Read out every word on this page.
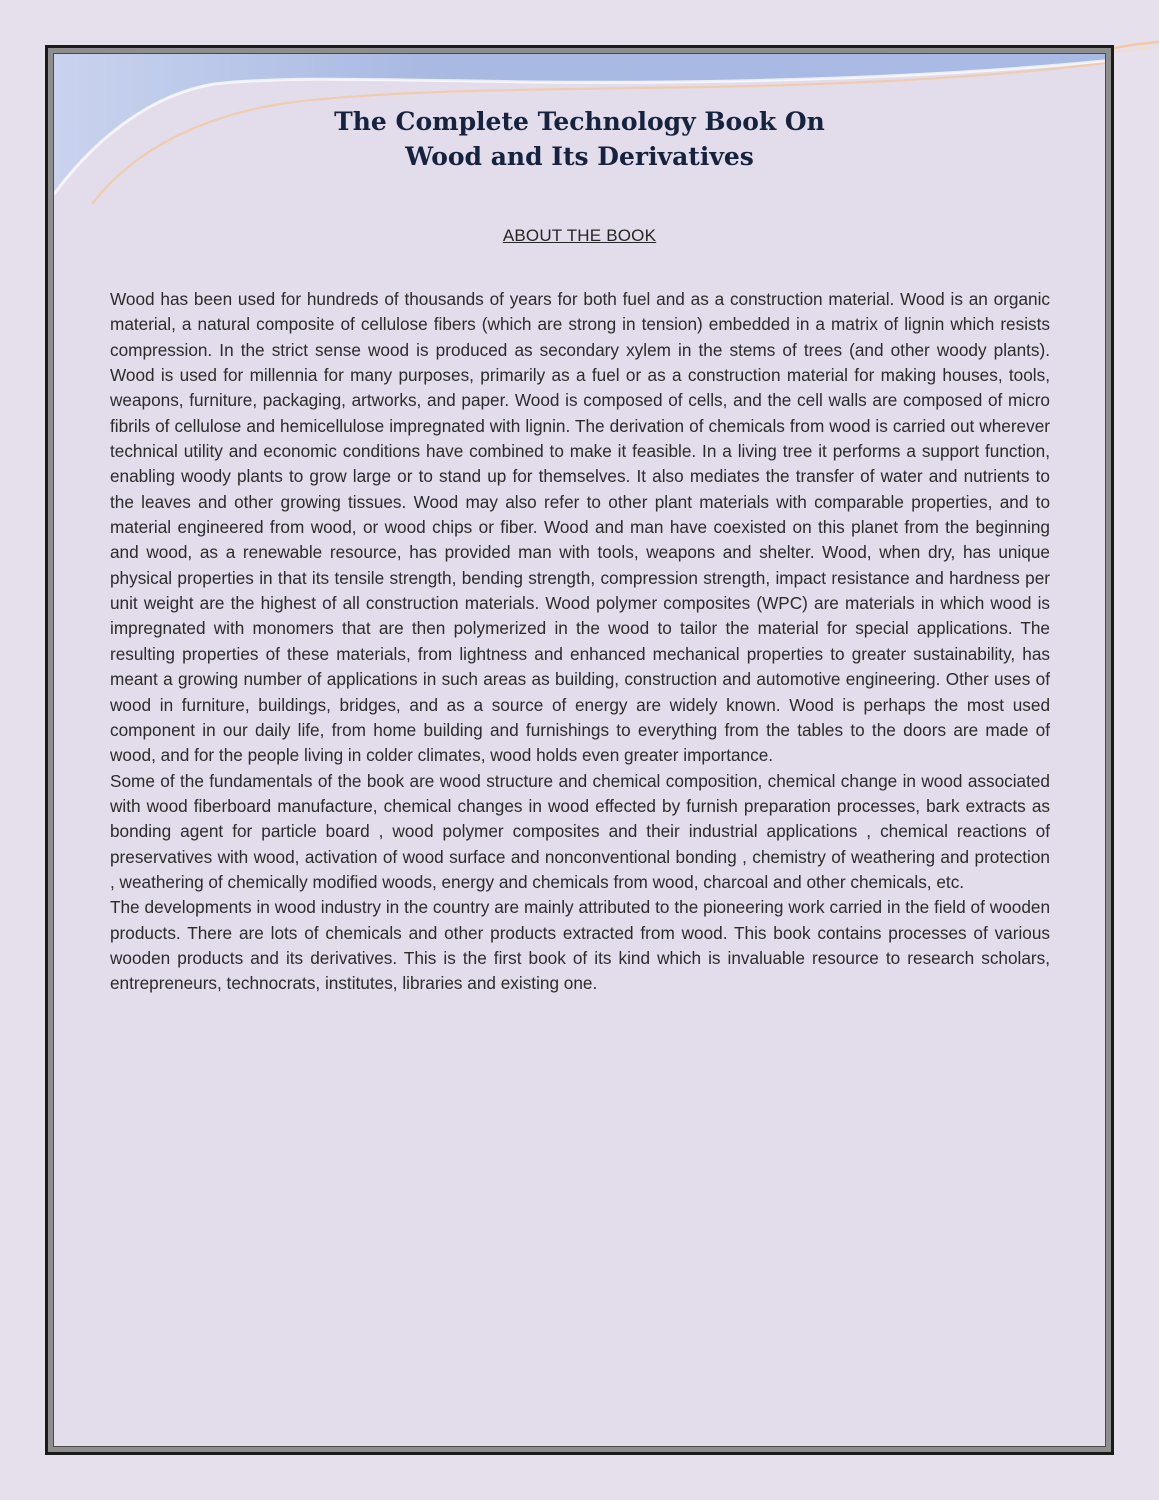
The Complete Technology Book On
Wood and Its Derivatives
ABOUT THE BOOK

Wood has been used for hundreds of thousands of years for both fuel and as a construction material. Wood is an organic material, a natural composite of cellulose fibers (which are strong in tension) embedded in a matrix of lignin which resists compression. In the strict sense wood is produced as secondary xylem in the stems of trees (and other woody plants). Wood is used for millennia for many purposes, primarily as a fuel or as a construction material for making houses, tools, weapons, furniture, packaging, artworks, and paper. Wood is composed of cells, and the cell walls are composed of micro fibrils of cellulose and hemicellulose impregnated with lignin. The derivation of chemicals from wood is carried out wherever technical utility and economic conditions have combined to make it feasible. In a living tree it performs a support function, enabling woody plants to grow large or to stand up for themselves. It also mediates the transfer of water and nutrients to the leaves and other growing tissues. Wood may also refer to other plant materials with comparable properties, and to material engineered from wood, or wood chips or fiber. Wood and man have coexisted on this planet from the beginning and wood, as a renewable resource, has provided man with tools, weapons and shelter. Wood, when dry, has unique physical properties in that its tensile strength, bending strength, compression strength, impact resistance and hardness per unit weight are the highest of all construction materials. Wood polymer composites (WPC) are materials in which wood is impregnated with monomers that are then polymerized in the wood to tailor the material for special applications. The resulting properties of these materials, from lightness and enhanced mechanical properties to greater sustainability, has meant a growing number of applications in such areas as building, construction and automotive engineering. Other uses of wood in furniture, buildings, bridges, and as a source of energy are widely known. Wood is perhaps the most used component in our daily life, from home building and furnishings to everything from the tables to the doors are made of wood, and for the people living in colder climates, wood holds even greater importance.

Some of the fundamentals of the book are wood structure and chemical composition, chemical change in wood associated with wood fiberboard manufacture, chemical changes in wood effected by furnish preparation processes, bark extracts as bonding agent for particle board , wood polymer composites and their industrial applications , chemical reactions of preservatives with wood, activation of wood surface and nonconventional bonding , chemistry of weathering and protection , weathering of chemically modified woods, energy and chemicals from wood, charcoal and other chemicals, etc.

The developments in wood industry in the country are mainly attributed to the pioneering work carried in the field of wooden products. There are lots of chemicals and other products extracted from wood. This book contains processes of various wooden products and its derivatives. This is the first book of its kind which is invaluable resource to research scholars, entrepreneurs, technocrats, institutes, libraries and existing one.
